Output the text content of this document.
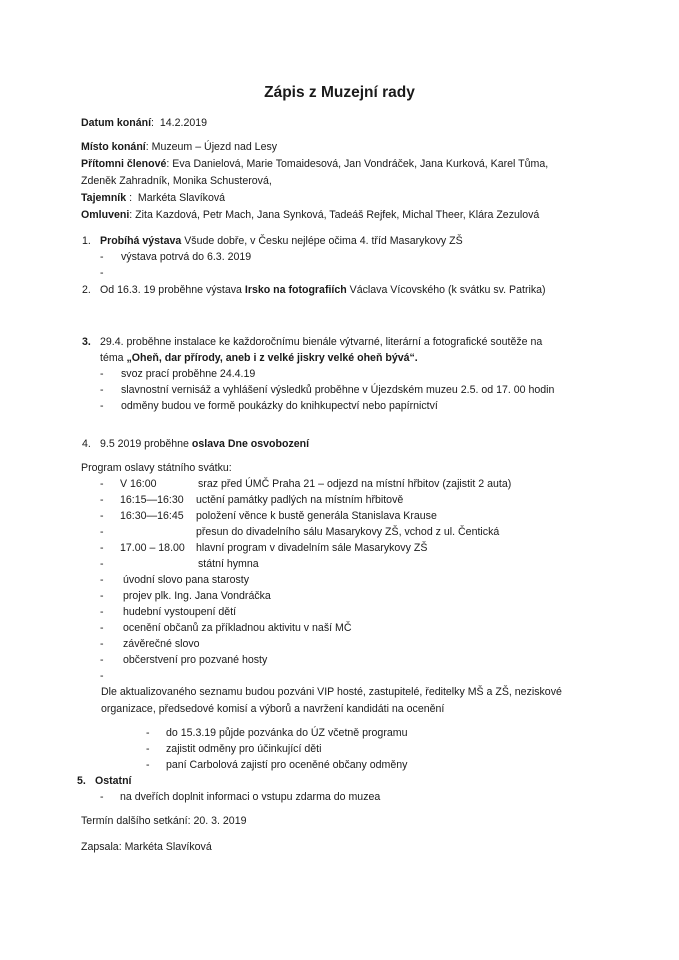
Zápis z Muzejní rady
Datum konání:  14.2.2019
Místo konání: Muzeum – Újezd nad Lesy
Přítomni členové: Eva Danielová, Marie Tomaidesová, Jan Vondráček, Jana Kurková, Karel Tůma,
Zdeněk Zahradník, Monika Schusterová,
Tajemník :  Markéta Slavíková
Omluveni: Zita Kazdová, Petr Mach, Jana Synková, Tadeáš Rejfek, Michal Theer, Klára Zezulová
1. Probíhá výstava Všude dobře, v Česku nejlépe očima 4. tříd Masarykovy ZŠ
- výstava potrvá do 6.3. 2019
-
2. Od 16.3. 19 proběhne výstava Irsko na fotografiích Václava Vícovského (k svátku sv. Patrika)
3. 29.4. proběhne instalace ke každoročnímu bienále výtvarné, literární a fotografické soutěže na
téma „Oheň, dar přírody, aneb i z velké jiskry velké oheň bývá“.
- svoz prací proběhne 24.4.19
- slavnostní vernisáž a vyhlášení výsledků proběhne v Újezdském muzeu 2.5. od 17. 00 hodin
- odměny budou ve formě poukázky do knihkupectví nebo papírnictví
4. 9.5 2019 proběhne oslava Dne osvobození
Program oslavy státního svátku:
- V 16:00	sraz před ÚMČ Praha 21 – odjezd na místní hřbitov (zajistit 2 auta)
- 16:15—16:30 uctění památky padlých na místním hřbitově
- 16:30—16:45 položení věnce k bustě generála Stanislava Krause
-	přesun do divadelního sálu Masarykovy ZŠ, vchod z ul. Čentická
- 17.00 – 18.00 hlavní program v divadelním sále Masarykovy ZŠ
-	státní hymna
- úvodní slovo pana starosty
- projev plk. Ing. Jana Vondráčka
- hudební vystoupení dětí
- ocenění občanů za příkladnou aktivitu v naší MČ
- závěrečné slovo
- občerstvení pro pozvané hosty
-
Dle aktualizovaného seznamu budou pozváni VIP hosté, zastupitelé, ředitelky MŠ a ZŠ, neziskové
organizace, předsedové komisí a výborů a navržení kandidáti na ocenění
- do 15.3.19 půjde pozvánka do ÚZ včetně programu
- zajistit odměny pro účinkující děti
- paní Carbolová zajistí pro oceněné občany odměny
5. Ostatní
- na dveřích doplnit informaci o vstupu zdarma do muzea
Termín dalšího setkání: 20. 3. 2019
Zapsala: Markéta Slavíková
